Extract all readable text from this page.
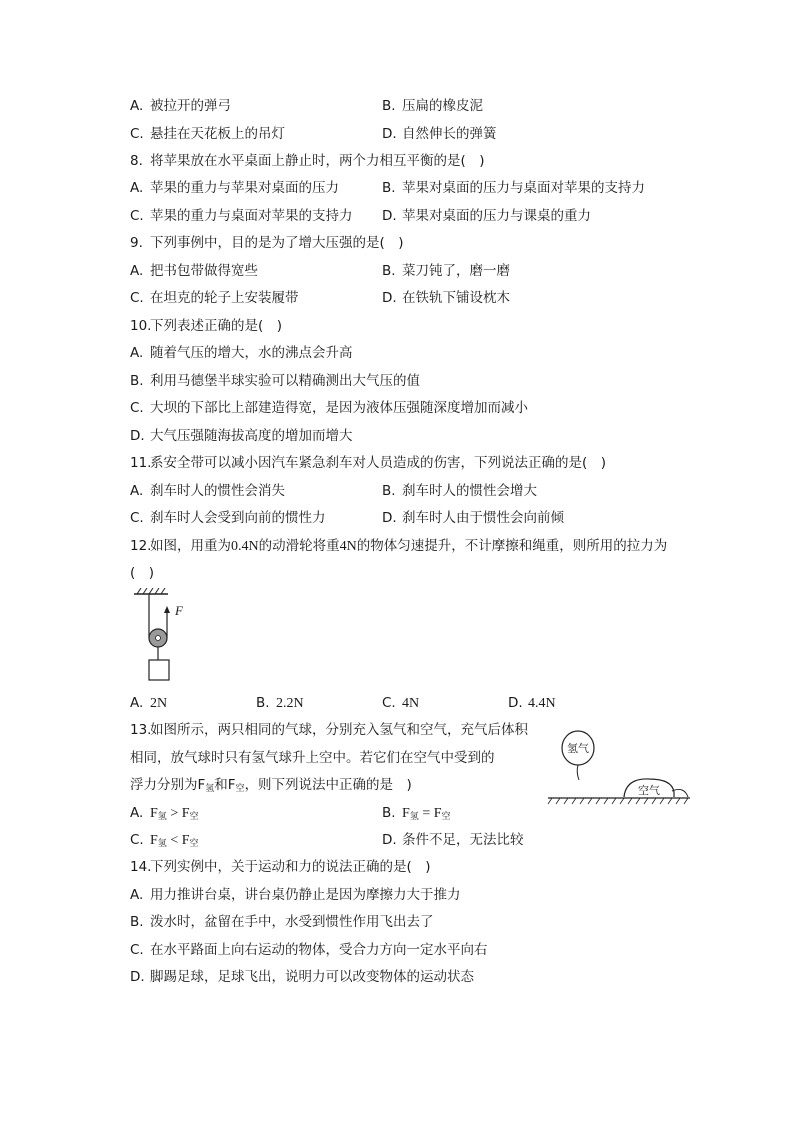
A. 被拉开的弹弓	B. 压扁的橡皮泥
C. 悬挂在天花板上的吊灯	D. 自然伸长的弹簧
8. 将苹果放在水平桌面上静止时，两个力相互平衡的是(　)
A. 苹果的重力与苹果对桌面的压力	B. 苹果对桌面的压力与桌面对苹果的支持力
C. 苹果的重力与桌面对苹果的支持力 D. 苹果对桌面的压力与课桌的重力
9. 下列事例中，目的是为了增大压强的是(　)
A. 把书包带做得宽些	B. 菜刀钝了，磨一磨
C. 在坦克的轮子上安装履带	D. 在铁轨下铺设枕木
10.下列表述正确的是(　)
A. 随着气压的增大，水的沸点会升高
B. 利用马德堡半球实验可以精确测出大气压的值
C. 大坝的下部比上部建造得宽，是因为液体压强随深度增加而减小
D. 大气压强随海拔高度的增加而增大
11.系安全带可以减小因汽车紧急刹车对人员造成的伤害，下列说法正确的是(　)
A. 刹车时人的惯性会消失	B. 刹车时人的惯性会增大
C. 刹车时人会受到向前的惯性力	D. 刹车时人由于惯性会向前倾
12.如图，用重为0.4N的动滑轮将重4N的物体匀速提升，不计摩擦和绳重，则所用的拉力为
(　)
F
A. 2N	B. 2.2N	C. 4N	D. 4.4N
13.如图所示，两只相同的气球，分别充入氢气和空气，充气后体积
相同，放气球时只有氢气球升上空中。若它们在空气中受到的
浮力分别为$F_氢$和$F_空$，则下列说法中正确的是　)
氢气
空气
A. $F_氢 > F_空$	B. $F_氢 = F_空$
C. $F_氢 < F_空$	D. 条件不足，无法比较
14.下列实例中，关于运动和力的说法正确的是(　)
A. 用力推讲台桌，讲台桌仍静止是因为摩擦力大于推力
B. 泼水时，盆留在手中，水受到惯性作用飞出去了
C. 在水平路面上向右运动的物体，受合力方向一定水平向右
D. 脚踢足球，足球飞出，说明力可以改变物体的运动状态
